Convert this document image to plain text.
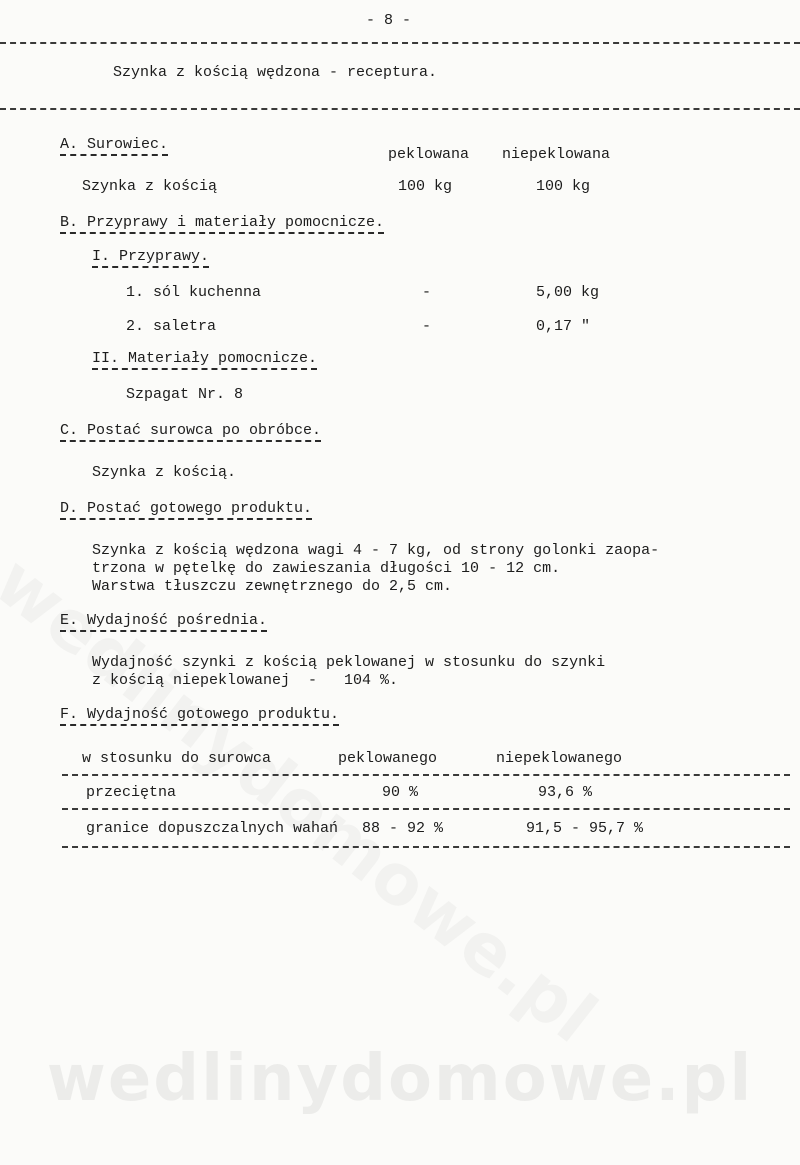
wedlinydomowe.pl
- 8 -
Szynka z kością wędzona - receptura.
A. Surowiec.
peklowana niepeklowana
Szynka z kością	100 kg	100 kg
B. Przyprawy i materiały pomocnicze.
I. Przyprawy.
1. sól kuchenna	-	5,00 kg
2. saletra	-	0,17 "
II. Materiały pomocnicze.
Szpagat Nr. 8
C. Postać surowca po obróbce.
Szynka z kością.
D. Postać gotowego produktu.
Szynka z kością wędzona wagi 4 - 7 kg, od strony golonki zaopa-
trzona w pętelkę do zawieszania długości 10 - 12 cm.
Warstwa tłuszczu zewnętrznego do 2,5 cm.
E. Wydajność pośrednia.
Wydajność szynki z kością peklowanej w stosunku do szynki
z kością niepeklowanej  -   104 %.
F. Wydajność gotowego produktu.
w stosunku do surowca	peklowanego	niepeklowanego
przeciętna	90 %	93,6 %
granice dopuszczalnych wahań 88 - 92 %	91,5 - 95,7 %
